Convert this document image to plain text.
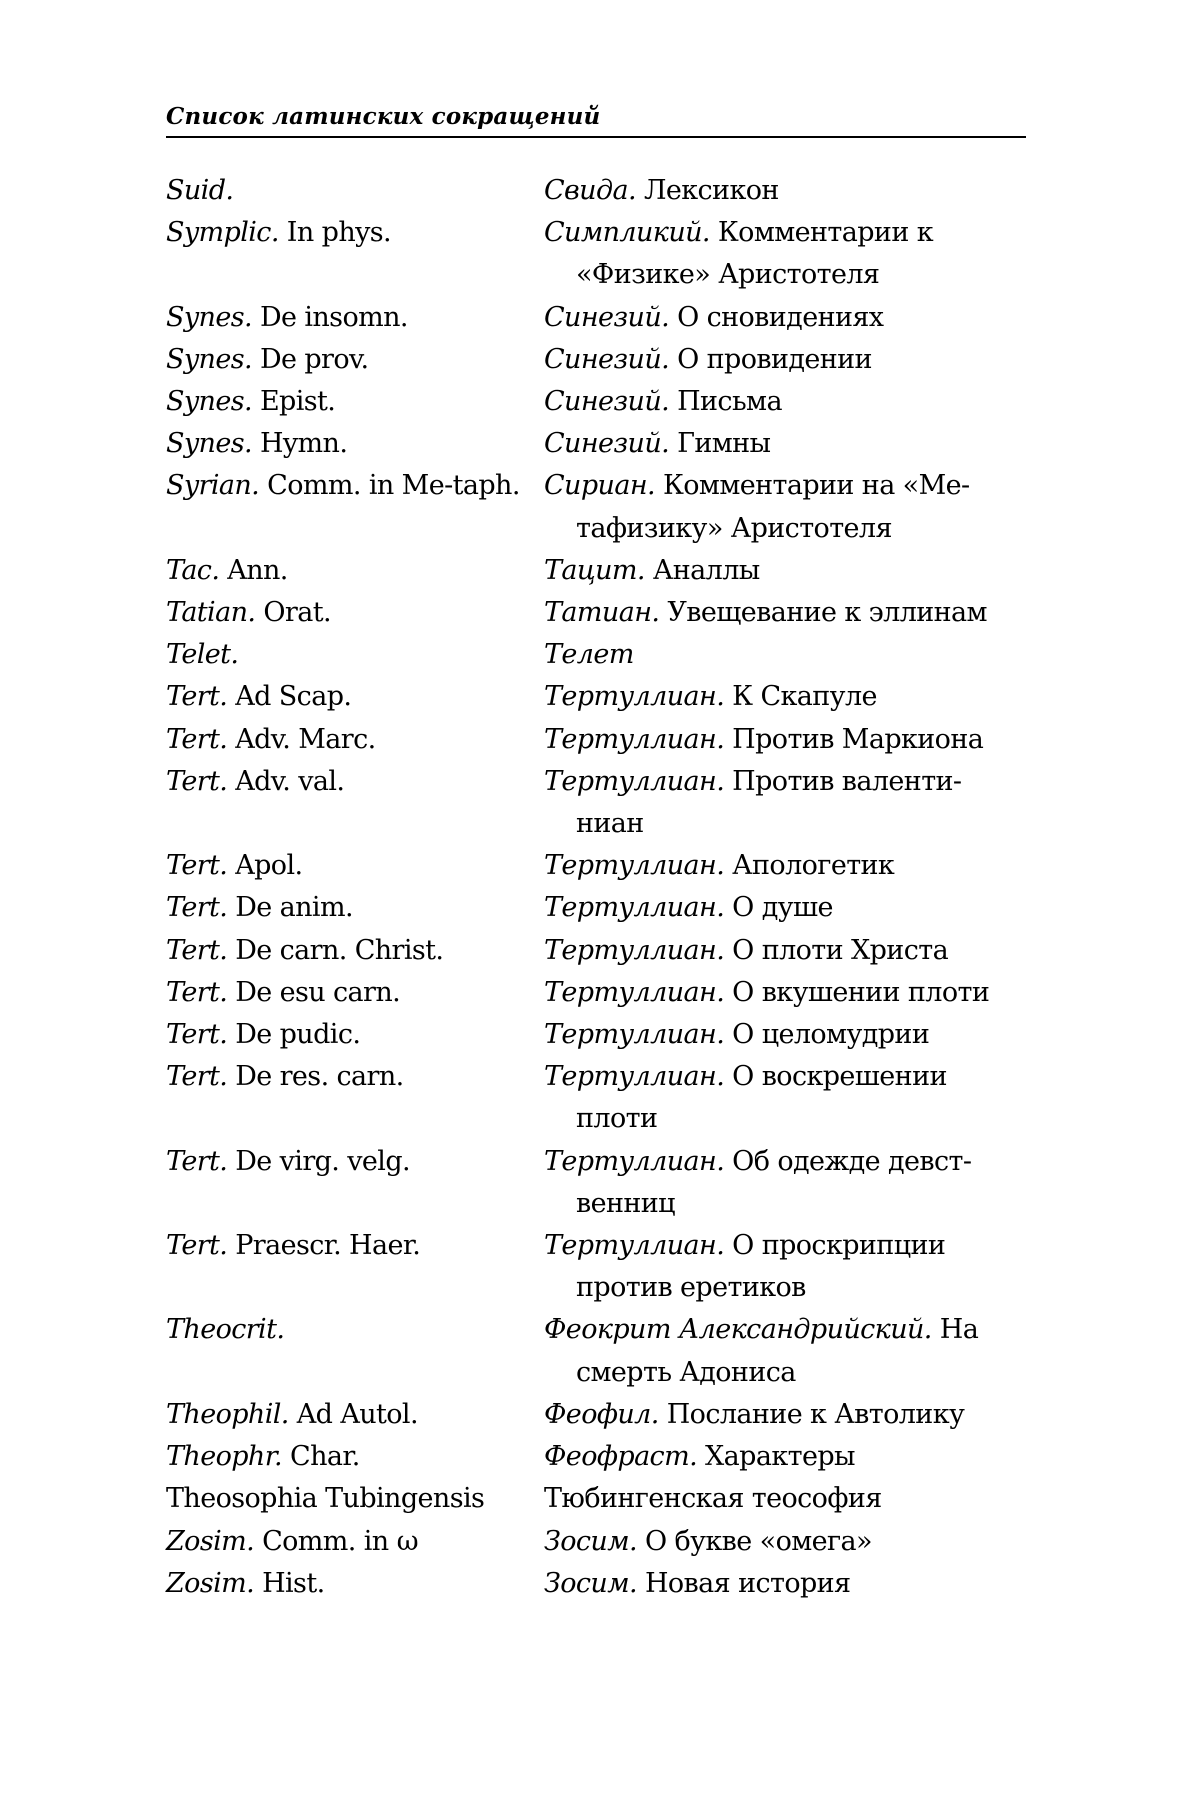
Список латинских сокращений
Suid.	Свида. Лексикон
Symplic. In phys.	Симпликий. Комментарии к «Физике» Аристотеля
Synes. De insomn.	Синезий. О сновидениях
Synes. De prov.	Синезий. О провидении
Synes. Epist.	Синезий. Письма
Synes. Hymn.	Синезий. Гимны
Syrian. Comm. in Me-taph. Сириан. Комментарии на «Ме-тафизику» Аристотеля
Tac. Ann.	Тацит. Аналлы
Tatian. Orat.	Татиан. Увещевание к эллинам
Telet.	Телет
Tert. Ad Scap.	Тертуллиан. К Скапуле
Tert. Adv. Marc.	Тертуллиан. Против Маркиона
Tert. Adv. val.	Тертуллиан. Против валенти-ниан
Tert. Apol.	Тертуллиан. Апологетик
Tert. De anim.	Тертуллиан. О душе
Tert. De carn. Christ.	Тертуллиан. О плоти Христа
Tert. De esu carn.	Тертуллиан. О вкушении плоти
Tert. De pudic.	Тертуллиан. О целомудрии
Tert. De res. carn.	Тертуллиан. О воскрешении плоти
Tert. De virg. velg.	Тертуллиан. Об одежде девст-венниц
Tert. Praescr. Haer.	Тертуллиан. О проскрипции против еретиков
Theocrit.	Феокрит Александрийский. На смерть Адониса
Theophil. Ad Autol.	Феофил. Послание к Автолику
Theophr. Char.	Феофраст. Характеры
Theosophia Tubingensis	Тюбингенская теософия
Zosim. Comm. in ω	Зосим. О букве «омега»
Zosim. Hist.	Зосим. Новая история
